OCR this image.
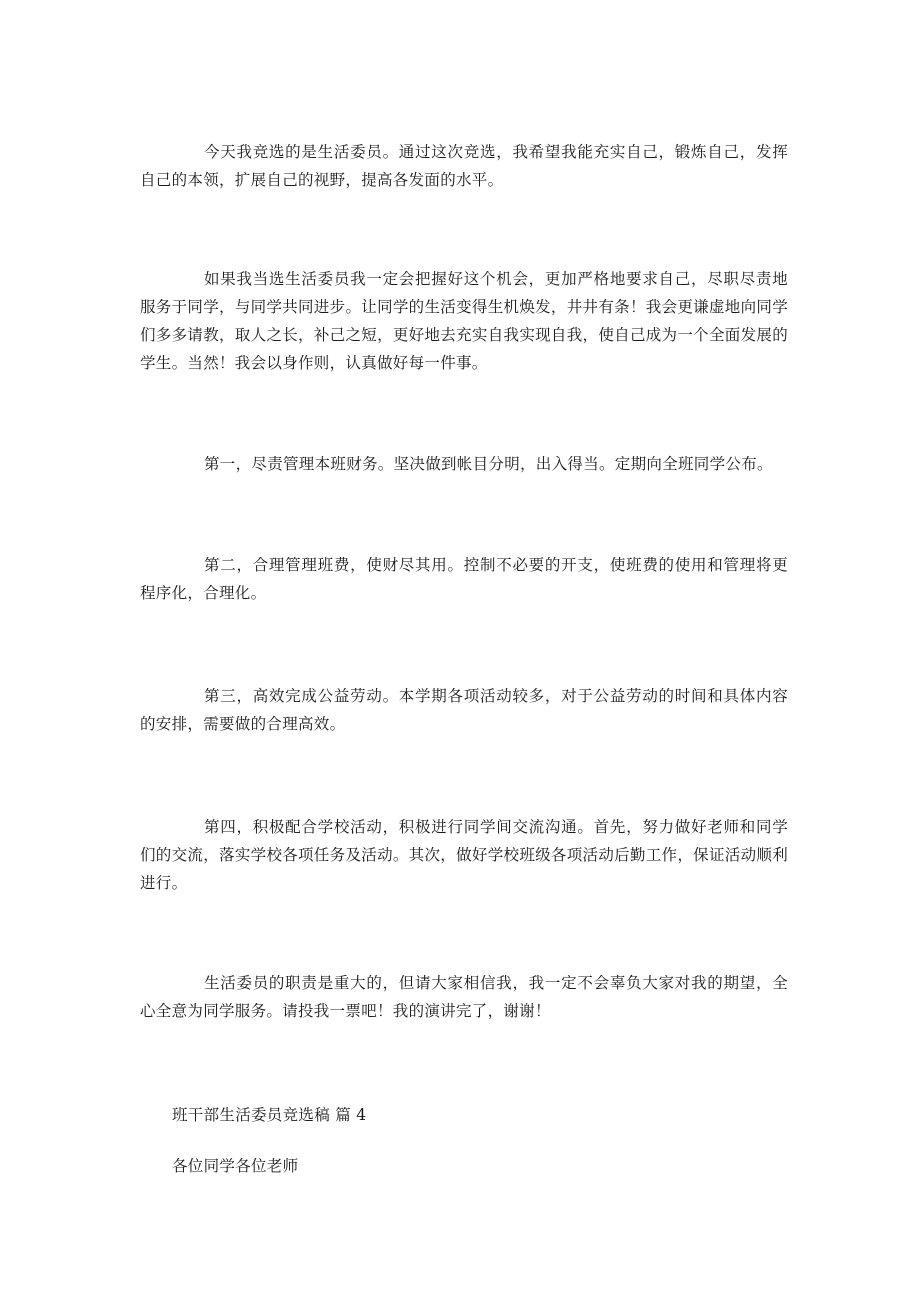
今天我竞选的是生活委员。通过这次竞选，我希望我能充实自己，锻炼自己，发挥自己的本领，扩展自己的视野，提高各发面的水平。

如果我当选生活委员我一定会把握好这个机会，更加严格地要求自己，尽职尽责地服务于同学，与同学共同进步。让同学的生活变得生机焕发，井井有条！我会更谦虚地向同学们多多请教，取人之长，补己之短，更好地去充实自我实现自我，使自己成为一个全面发展的学生。当然！我会以身作则，认真做好每一件事。

第一，尽责管理本班财务。坚决做到帐目分明，出入得当。定期向全班同学公布。

第二，合理管理班费，使财尽其用。控制不必要的开支，使班费的使用和管理将更程序化，合理化。

第三，高效完成公益劳动。本学期各项活动较多，对于公益劳动的时间和具体内容的安排，需要做的合理高效。

第四，积极配合学校活动，积极进行同学间交流沟通。首先，努力做好老师和同学们的交流，落实学校各项任务及活动。其次，做好学校班级各项活动后勤工作，保证活动顺利进行。

生活委员的职责是重大的，但请大家相信我，我一定不会辜负大家对我的期望，全心全意为同学服务。请投我一票吧！我的演讲完了，谢谢！

班干部生活委员竞选稿 篇 4

各位同学各位老师
